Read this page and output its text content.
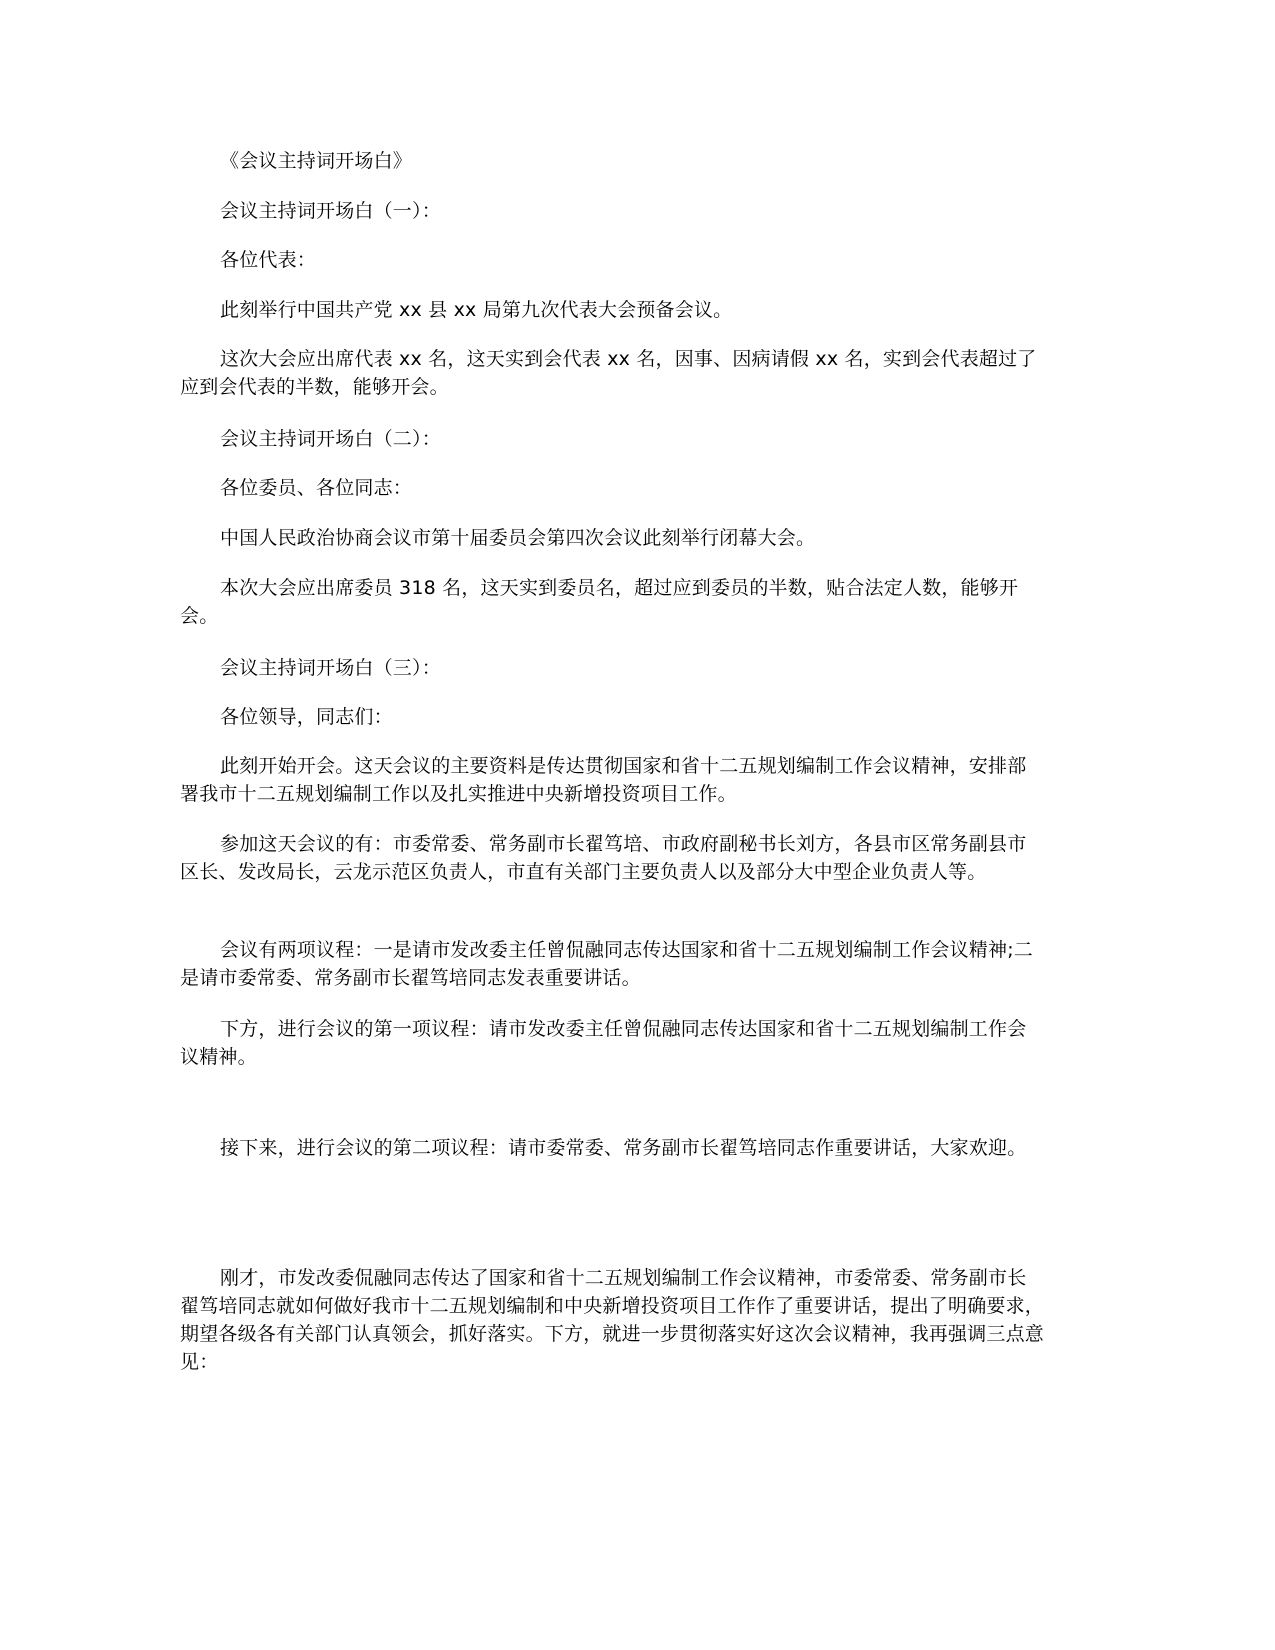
《会议主持词开场白》

会议主持词开场白（一）：

各位代表：

此刻举行中国共产党 xx 县 xx 局第九次代表大会预备会议。

这次大会应出席代表 xx 名，这天实到会代表 xx 名，因事、因病请假 xx 名，实到会代表超过了应到会代表的半数，能够开会。

会议主持词开场白（二）：

各位委员、各位同志：

中国人民政治协商会议市第十届委员会第四次会议此刻举行闭幕大会。

本次大会应出席委员 318 名，这天实到委员名，超过应到委员的半数，贴合法定人数，能够开会。

会议主持词开场白（三）：

各位领导，同志们：

此刻开始开会。这天会议的主要资料是传达贯彻国家和省十二五规划编制工作会议精神，安排部署我市十二五规划编制工作以及扎实推进中央新增投资项目工作。

参加这天会议的有：市委常委、常务副市长翟笃培、市政府副秘书长刘方，各县市区常务副县市区长、发改局长，云龙示范区负责人，市直有关部门主要负责人以及部分大中型企业负责人等。

会议有两项议程：一是请市发改委主任曾侃融同志传达国家和省十二五规划编制工作会议精神;二是请市委常委、常务副市长翟笃培同志发表重要讲话。

下方，进行会议的第一项议程：请市发改委主任曾侃融同志传达国家和省十二五规划编制工作会议精神。

接下来，进行会议的第二项议程：请市委常委、常务副市长翟笃培同志作重要讲话，大家欢迎。

刚才，市发改委侃融同志传达了国家和省十二五规划编制工作会议精神，市委常委、常务副市长翟笃培同志就如何做好我市十二五规划编制和中央新增投资项目工作作了重要讲话，提出了明确要求，期望各级各有关部门认真领会，抓好落实。下方，就进一步贯彻落实好这次会议精神，我再强调三点意见：
